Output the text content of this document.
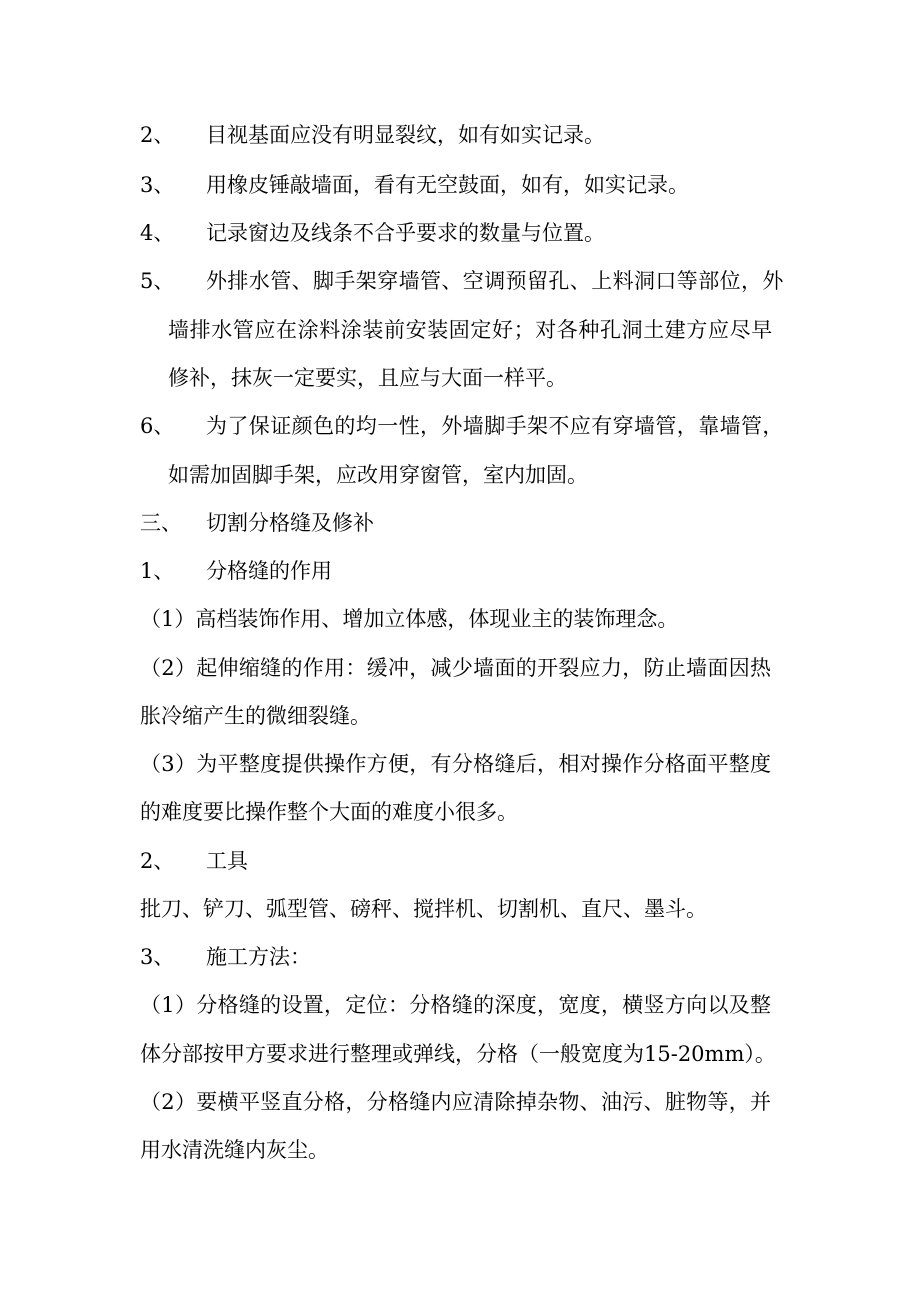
2、 目视基面应没有明显裂纹，如有如实记录。
3、 用橡皮锤敲墙面，看有无空鼓面，如有，如实记录。
4、 记录窗边及线条不合乎要求的数量与位置。
5、 外排水管、脚手架穿墙管、空调预留孔、上料洞口等部位，外
墙排水管应在涂料涂装前安装固定好；对各种孔洞土建方应尽早
修补，抹灰一定要实，且应与大面一样平。
6、 为了保证颜色的均一性，外墙脚手架不应有穿墙管，靠墙管，
如需加固脚手架，应改用穿窗管，室内加固。
三、 切割分格缝及修补
1、 分格缝的作用
（1）高档装饰作用、增加立体感，体现业主的装饰理念。
（2）起伸缩缝的作用：缓冲，减少墙面的开裂应力，防止墙面因热
胀冷缩产生的微细裂缝。
（3）为平整度提供操作方便，有分格缝后，相对操作分格面平整度
的难度要比操作整个大面的难度小很多。
2、 工具
批刀、铲刀、弧型管、磅秤、搅拌机、切割机、直尺、墨斗。
3、 施工方法：
（1）分格缝的设置，定位：分格缝的深度，宽度，横竖方向以及整
体分部按甲方要求进行整理或弹线，分格（一般宽度为15-20mm）。
（2）要横平竖直分格，分格缝内应清除掉杂物、油污、脏物等，并
用水清洗缝内灰尘。
